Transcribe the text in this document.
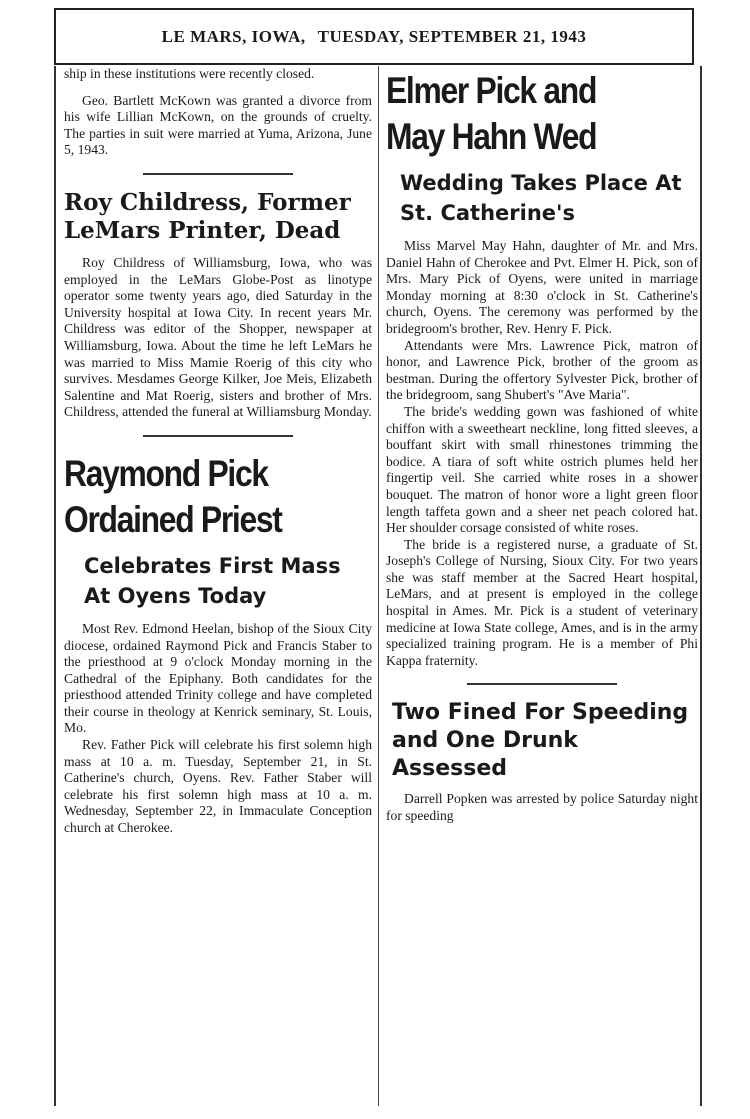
LE MARS, IOWA, TUESDAY, SEPTEMBER 21, 1943

ship in these institutions were recently closed.

Geo. Bartlett McKown was granted a divorce from his wife Lillian McKown, on the grounds of cruelty. The parties in suit were married at Yuma, Arizona, June 5, 1943.

Roy Childress, Former LeMars Printer, Dead

Roy Childress of Williamsburg, Iowa, who was employed in the LeMars Globe-Post as linotype operator some twenty years ago, died Saturday in the University hospital at Iowa City. In recent years Mr. Childress was editor of the Shopper, newspaper at Williamsburg, Iowa. About the time he left LeMars he was married to Miss Mamie Roerig of this city who survives. Mesdames George Kilker, Joe Meis, Elizabeth Salentine and Mat Roerig, sisters and brother of Mrs. Childress, attended the funeral at Williamsburg Monday.

Raymond Pick
Ordained Priest
Celebrates First Mass At Oyens Today

Most Rev. Edmond Heelan, bishop of the Sioux City diocese, ordained Raymond Pick and Francis Staber to the priesthood at 9 o'clock Monday morning in the Cathedral of the Epiphany. Both candidates for the priesthood attended Trinity college and have completed their course in theology at Kenrick seminary, St. Louis, Mo.

Rev. Father Pick will celebrate his first solemn high mass at 10 a. m. Tuesday, September 21, in St. Catherine's church, Oyens. Rev. Father Staber will celebrate his first solemn high mass at 10 a. m. Wednesday, September 22, in Immaculate Conception church at Cherokee.

Elmer Pick and
May Hahn Wed
Wedding Takes Place At St. Catherine's

Miss Marvel May Hahn, daughter of Mr. and Mrs. Daniel Hahn of Cherokee and Pvt. Elmer H. Pick, son of Mrs. Mary Pick of Oyens, were united in marriage Monday morning at 8:30 o'clock in St. Catherine's church, Oyens. The ceremony was performed by the bridegroom's brother, Rev. Henry F. Pick.

Attendants were Mrs. Lawrence Pick, matron of honor, and Lawrence Pick, brother of the groom as bestman. During the offertory Sylvester Pick, brother of the bridegroom, sang Shubert's "Ave Maria".

The bride's wedding gown was fashioned of white chiffon with a sweetheart neckline, long fitted sleeves, a bouffant skirt with small rhinestones trimming the bodice. A tiara of soft white ostrich plumes held her fingertip veil. She carried white roses in a shower bouquet. The matron of honor wore a light green floor length taffeta gown and a sheer net peach colored hat. Her shoulder corsage consisted of white roses.

The bride is a registered nurse, a graduate of St. Joseph's College of Nursing, Sioux City. For two years she was staff member at the Sacred Heart hospital, LeMars, and at present is employed in the college hospital in Ames. Mr. Pick is a student of veterinary medicine at Iowa State college, Ames, and is in the army specialized training program. He is a member of Phi Kappa fraternity.

Two Fined For Speeding and One Drunk Assessed

Darrell Popken was arrested by police Saturday night for speeding
